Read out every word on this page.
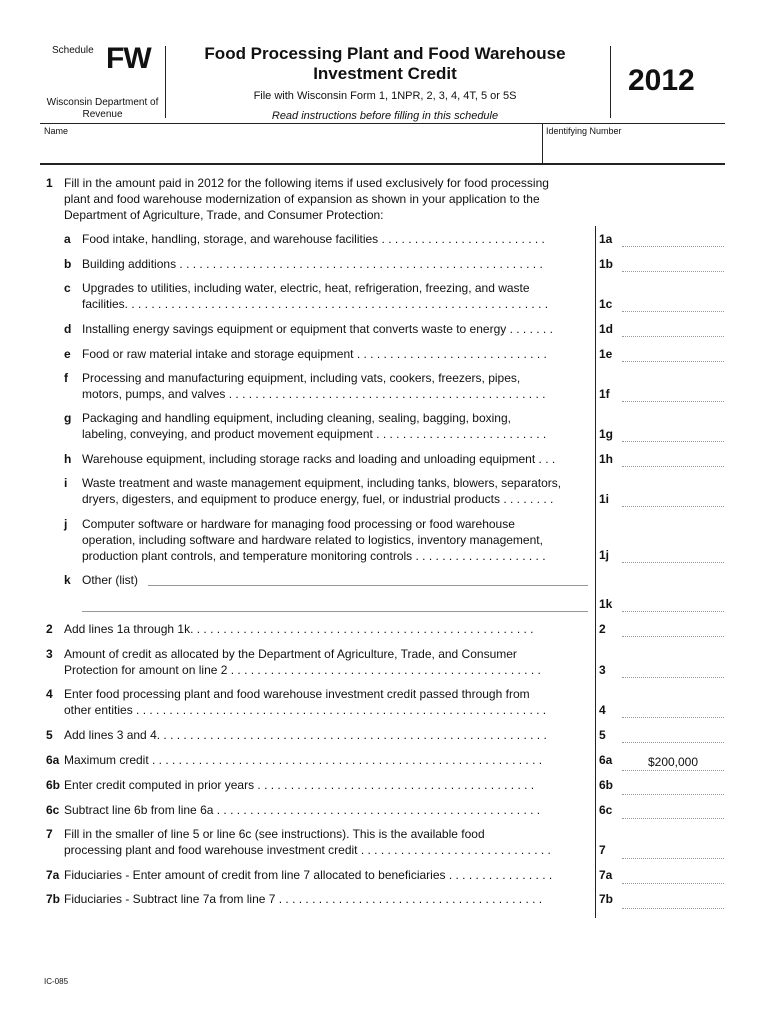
Schedule FW
Wisconsin Department of Revenue
Food Processing Plant and Food Warehouse
Investment Credit
File with Wisconsin Form 1, 1NPR, 2, 3, 4, 4T, 5 or 5S
Read instructions before filling in this schedule
2012
Name	Identifying Number
1 Fill in the amount paid in 2012 for the following items if used exclusively for food processing
plant and food warehouse modernization of expansion as shown in your application to the
Department of Agriculture, Trade, and Consumer Protection:
a Food intake, handling, storage, and warehouse facilities . . . . . . . . . . . . . . . . . . . . . . . . .	1a
b Building additions . . . . . . . . . . . . . . . . . . . . . . . . . . . . . . . . . . . . . . . . . . . . . . . . . . . . . . .	1b
c Upgrades to utilities, including water, electric, heat, refrigeration, freezing, and waste
facilities. . . . . . . . . . . . . . . . . . . . . . . . . . . . . . . . . . . . . . . . . . . . . . . . . . . . . . . . . . . . . . . .	1c
d Installing energy savings equipment or equipment that converts waste to energy . . . . . . .	1d
e Food or raw material intake and storage equipment . . . . . . . . . . . . . . . . . . . . . . . . . . . . .	1e
f Processing and manufacturing equipment, including vats, cookers, freezers, pipes,
motors, pumps, and valves . . . . . . . . . . . . . . . . . . . . . . . . . . . . . . . . . . . . . . . . . . . . . . . .	1f
g Packaging and handling equipment, including cleaning, sealing, bagging, boxing,
labeling, conveying, and product movement equipment . . . . . . . . . . . . . . . . . . . . . . . . . .	1g
h Warehouse equipment, including storage racks and loading and unloading equipment . . .	1h
i Waste treatment and waste management equipment, including tanks, blowers, separators,
dryers, digesters, and equipment to produce energy, fuel, or industrial products . . . . . . . .	1i
j Computer software or hardware for managing food processing or food warehouse
operation, including software and hardware related to logistics, inventory management,
production plant controls, and temperature monitoring controls . . . . . . . . . . . . . . . . . . . .	1j
k Other (list)
1k
2 Add lines 1a through 1k. . . . . . . . . . . . . . . . . . . . . . . . . . . . . . . . . . . . . . . . . . . . . . . . . . . .	2
3 Amount of credit as allocated by the Department of Agriculture, Trade, and Consumer
Protection for amount on line 2 . . . . . . . . . . . . . . . . . . . . . . . . . . . . . . . . . . . . . . . . . . . . . . .	3
4 Enter food processing plant and food warehouse investment credit passed through from
other entities . . . . . . . . . . . . . . . . . . . . . . . . . . . . . . . . . . . . . . . . . . . . . . . . . . . . . . . . . . . . . .	4
5 Add lines 3 and 4. . . . . . . . . . . . . . . . . . . . . . . . . . . . . . . . . . . . . . . . . . . . . . . . . . . . . . . . . . .	5
6a Maximum credit . . . . . . . . . . . . . . . . . . . . . . . . . . . . . . . . . . . . . . . . . . . . . . . . . . . . . . . . . . .	6a	$200,000
6b Enter credit computed in prior years . . . . . . . . . . . . . . . . . . . . . . . . . . . . . . . . . . . . . . . . . .	6b
6c Subtract line 6b from line 6a . . . . . . . . . . . . . . . . . . . . . . . . . . . . . . . . . . . . . . . . . . . . . . . . .	6c
7 Fill in the smaller of line 5 or line 6c (see instructions). This is the available food
processing plant and food warehouse investment credit . . . . . . . . . . . . . . . . . . . . . . . . . . . . .	7
7a Fiduciaries - Enter amount of credit from line 7 allocated to beneficiaries . . . . . . . . . . . . . . . .	7a
7b Fiduciaries - Subtract line 7a from line 7 . . . . . . . . . . . . . . . . . . . . . . . . . . . . . . . . . . . . . . . .	7b
IC-085
